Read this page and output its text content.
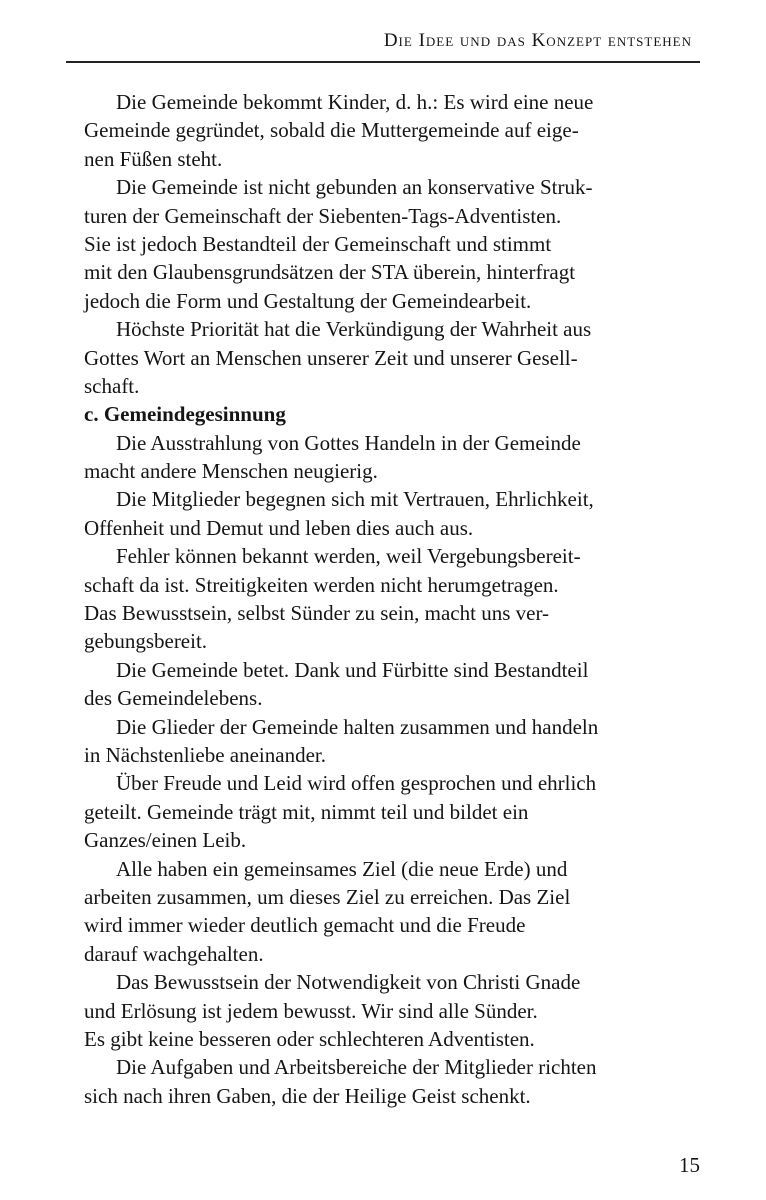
Die Idee und das Konzept entstehen
Die Gemeinde bekommt Kinder, d. h.: Es wird eine neue
Gemeinde gegründet, sobald die Muttergemeinde auf eige-
nen Füßen steht.
Die Gemeinde ist nicht gebunden an konservative Struk-
turen der Gemeinschaft der Siebenten-Tags-Adventisten.
Sie ist jedoch Bestandteil der Gemeinschaft und stimmt
mit den Glaubensgrundsätzen der STA überein, hinterfragt
jedoch die Form und Gestaltung der Gemeindearbeit.
Höchste Priorität hat die Verkündigung der Wahrheit aus
Gottes Wort an Menschen unserer Zeit und unserer Gesell-
schaft.
c. Gemeindegesinnung
Die Ausstrahlung von Gottes Handeln in der Gemeinde
macht andere Menschen neugierig.
Die Mitglieder begegnen sich mit Vertrauen, Ehrlichkeit,
Offenheit und Demut und leben dies auch aus.
Fehler können bekannt werden, weil Vergebungsbereit-
schaft da ist. Streitigkeiten werden nicht herumgetragen.
Das Bewusstsein, selbst Sünder zu sein, macht uns ver-
gebungsbereit.
Die Gemeinde betet. Dank und Fürbitte sind Bestandteil
des Gemeindelebens.
Die Glieder der Gemeinde halten zusammen und handeln
in Nächstenliebe aneinander.
Über Freude und Leid wird offen gesprochen und ehrlich
geteilt. Gemeinde trägt mit, nimmt teil und bildet ein
Ganzes/einen Leib.
Alle haben ein gemeinsames Ziel (die neue Erde) und
arbeiten zusammen, um dieses Ziel zu erreichen. Das Ziel
wird immer wieder deutlich gemacht und die Freude
darauf wachgehalten.
Das Bewusstsein der Notwendigkeit von Christi Gnade
und Erlösung ist jedem bewusst. Wir sind alle Sünder.
Es gibt keine besseren oder schlechteren Adventisten.
Die Aufgaben und Arbeitsbereiche der Mitglieder richten
sich nach ihren Gaben, die der Heilige Geist schenkt.
15
